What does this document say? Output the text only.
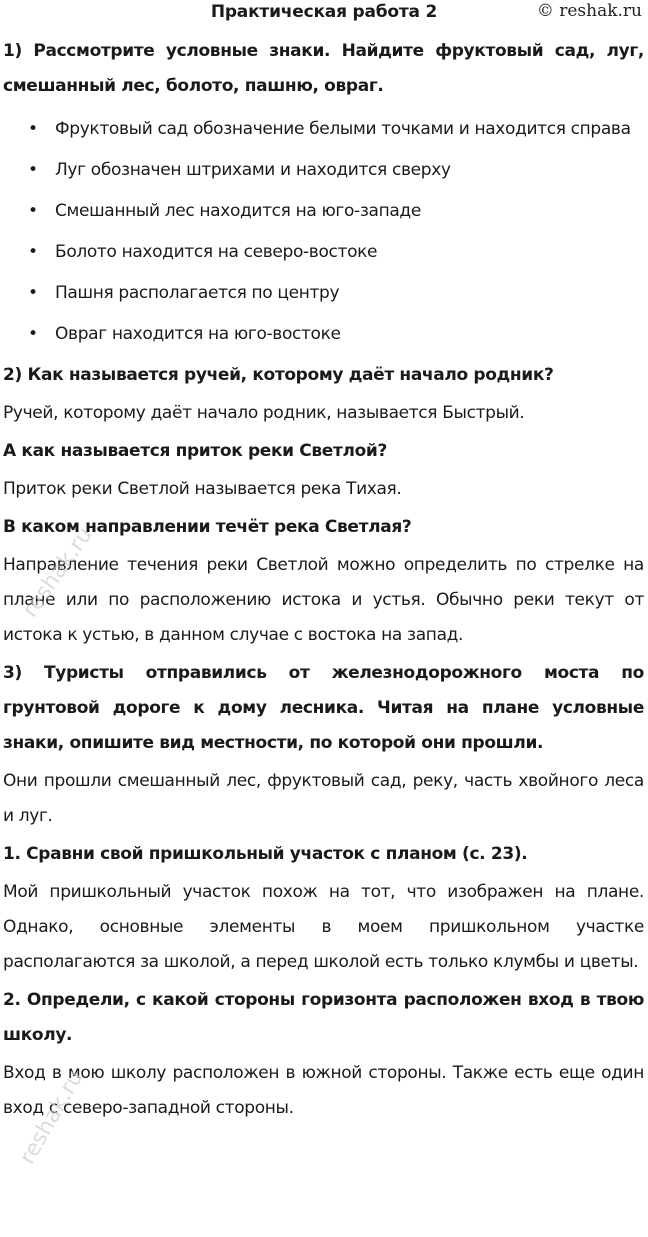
Практическая работа 2	© reshak.ru

1) Рассмотрите условные знаки. Найдите фруктовый сад, луг, смешанный лес, болото, пашню, овраг.

• Фруктовый сад обозначение белыми точками и находится справа
• Луг обозначен штрихами и находится сверху
• Смешанный лес находится на юго-западе
• Болото находится на северо-востоке
• Пашня располагается по центру
• Овраг находится на юго-востоке

2) Как называется ручей, которому даёт начало родник?

Ручей, которому даёт начало родник, называется Быстрый.

А как называется приток реки Светлой?

Приток реки Светлой называется река Тихая.

В каком направлении течёт река Светлая?

Направление течения реки Светлой можно определить по стрелке на плане или по расположению истока и устья. Обычно реки текут от истока к устью, в данном случае с востока на запад.

3) Туристы отправились от железнодорожного моста по грунтовой дороге к дому лесника. Читая на плане условные знаки, опишите вид местности, по которой они прошли.

Они прошли смешанный лес, фруктовый сад, реку, часть хвойного леса и луг.

1. Сравни свой пришкольный участок с планом (с. 23).

Мой пришкольный участок похож на тот, что изображен на плане. Однако, основные элементы в моем пришкольном участке располагаются за школой, а перед школой есть только клумбы и цветы.

2. Определи, с какой стороны горизонта расположен вход в твою школу.

Вход в мою школу расположен в южной стороны. Также есть еще один вход с северо-западной стороны.

reshak.ru
reshak.ru
